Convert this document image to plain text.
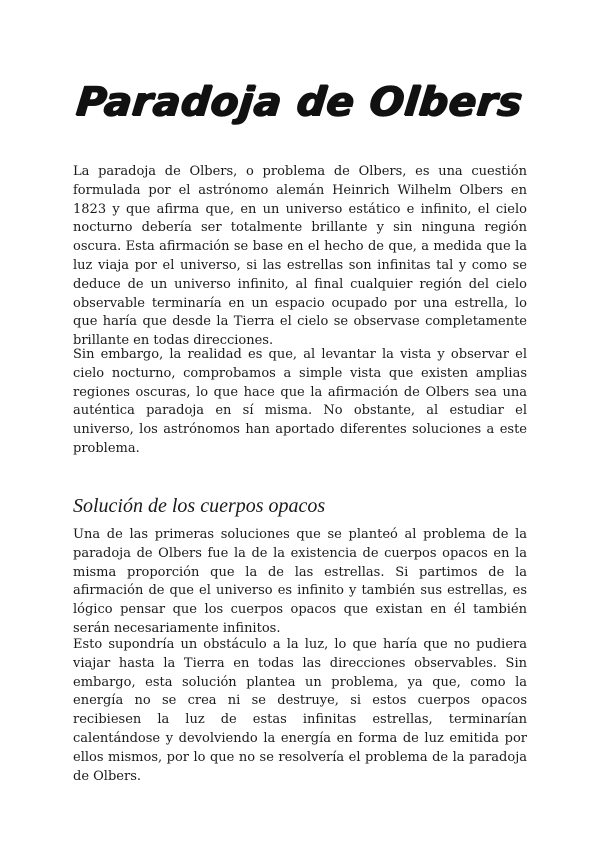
Paradoja de Olbers

La paradoja de Olbers, o problema de Olbers, es una cuestión formulada por el astrónomo alemán Heinrich Wilhelm Olbers en 1823 y que afirma que, en un universo estático e infinito, el cielo nocturno debería ser totalmente brillante y sin ninguna región oscura. Esta afirmación se base en el hecho de que, a medida que la luz viaja por el universo, si las estrellas son infinitas tal y como se deduce de un universo infinito, al final cualquier región del cielo observable terminaría en un espacio ocupado por una estrella, lo que haría que desde la Tierra el cielo se observase completamente brillante en todas direcciones.

Sin embargo, la realidad es que, al levantar la vista y observar el cielo nocturno, comprobamos a simple vista que existen amplias regiones oscuras, lo que hace que la afirmación de Olbers sea una auténtica paradoja en sí misma. No obstante, al estudiar el universo, los astrónomos han aportado diferentes soluciones a este problema.

Solución de los cuerpos opacos

Una de las primeras soluciones que se planteó al problema de la paradoja de Olbers fue la de la existencia de cuerpos opacos en la misma proporción que la de las estrellas. Si partimos de la afirmación de que el universo es infinito y también sus estrellas, es lógico pensar que los cuerpos opacos que existan en él también serán necesariamente infinitos.

Esto supondría un obstáculo a la luz, lo que haría que no pudiera viajar hasta la Tierra en todas las direcciones observables. Sin embargo, esta solución plantea un problema, ya que, como la energía no se crea ni se destruye, si estos cuerpos opacos recibiesen la luz de estas infinitas estrellas, terminarían calentándose y devolviendo la energía en forma de luz emitida por ellos mismos, por lo que no se resolvería el problema de la paradoja de Olbers.
